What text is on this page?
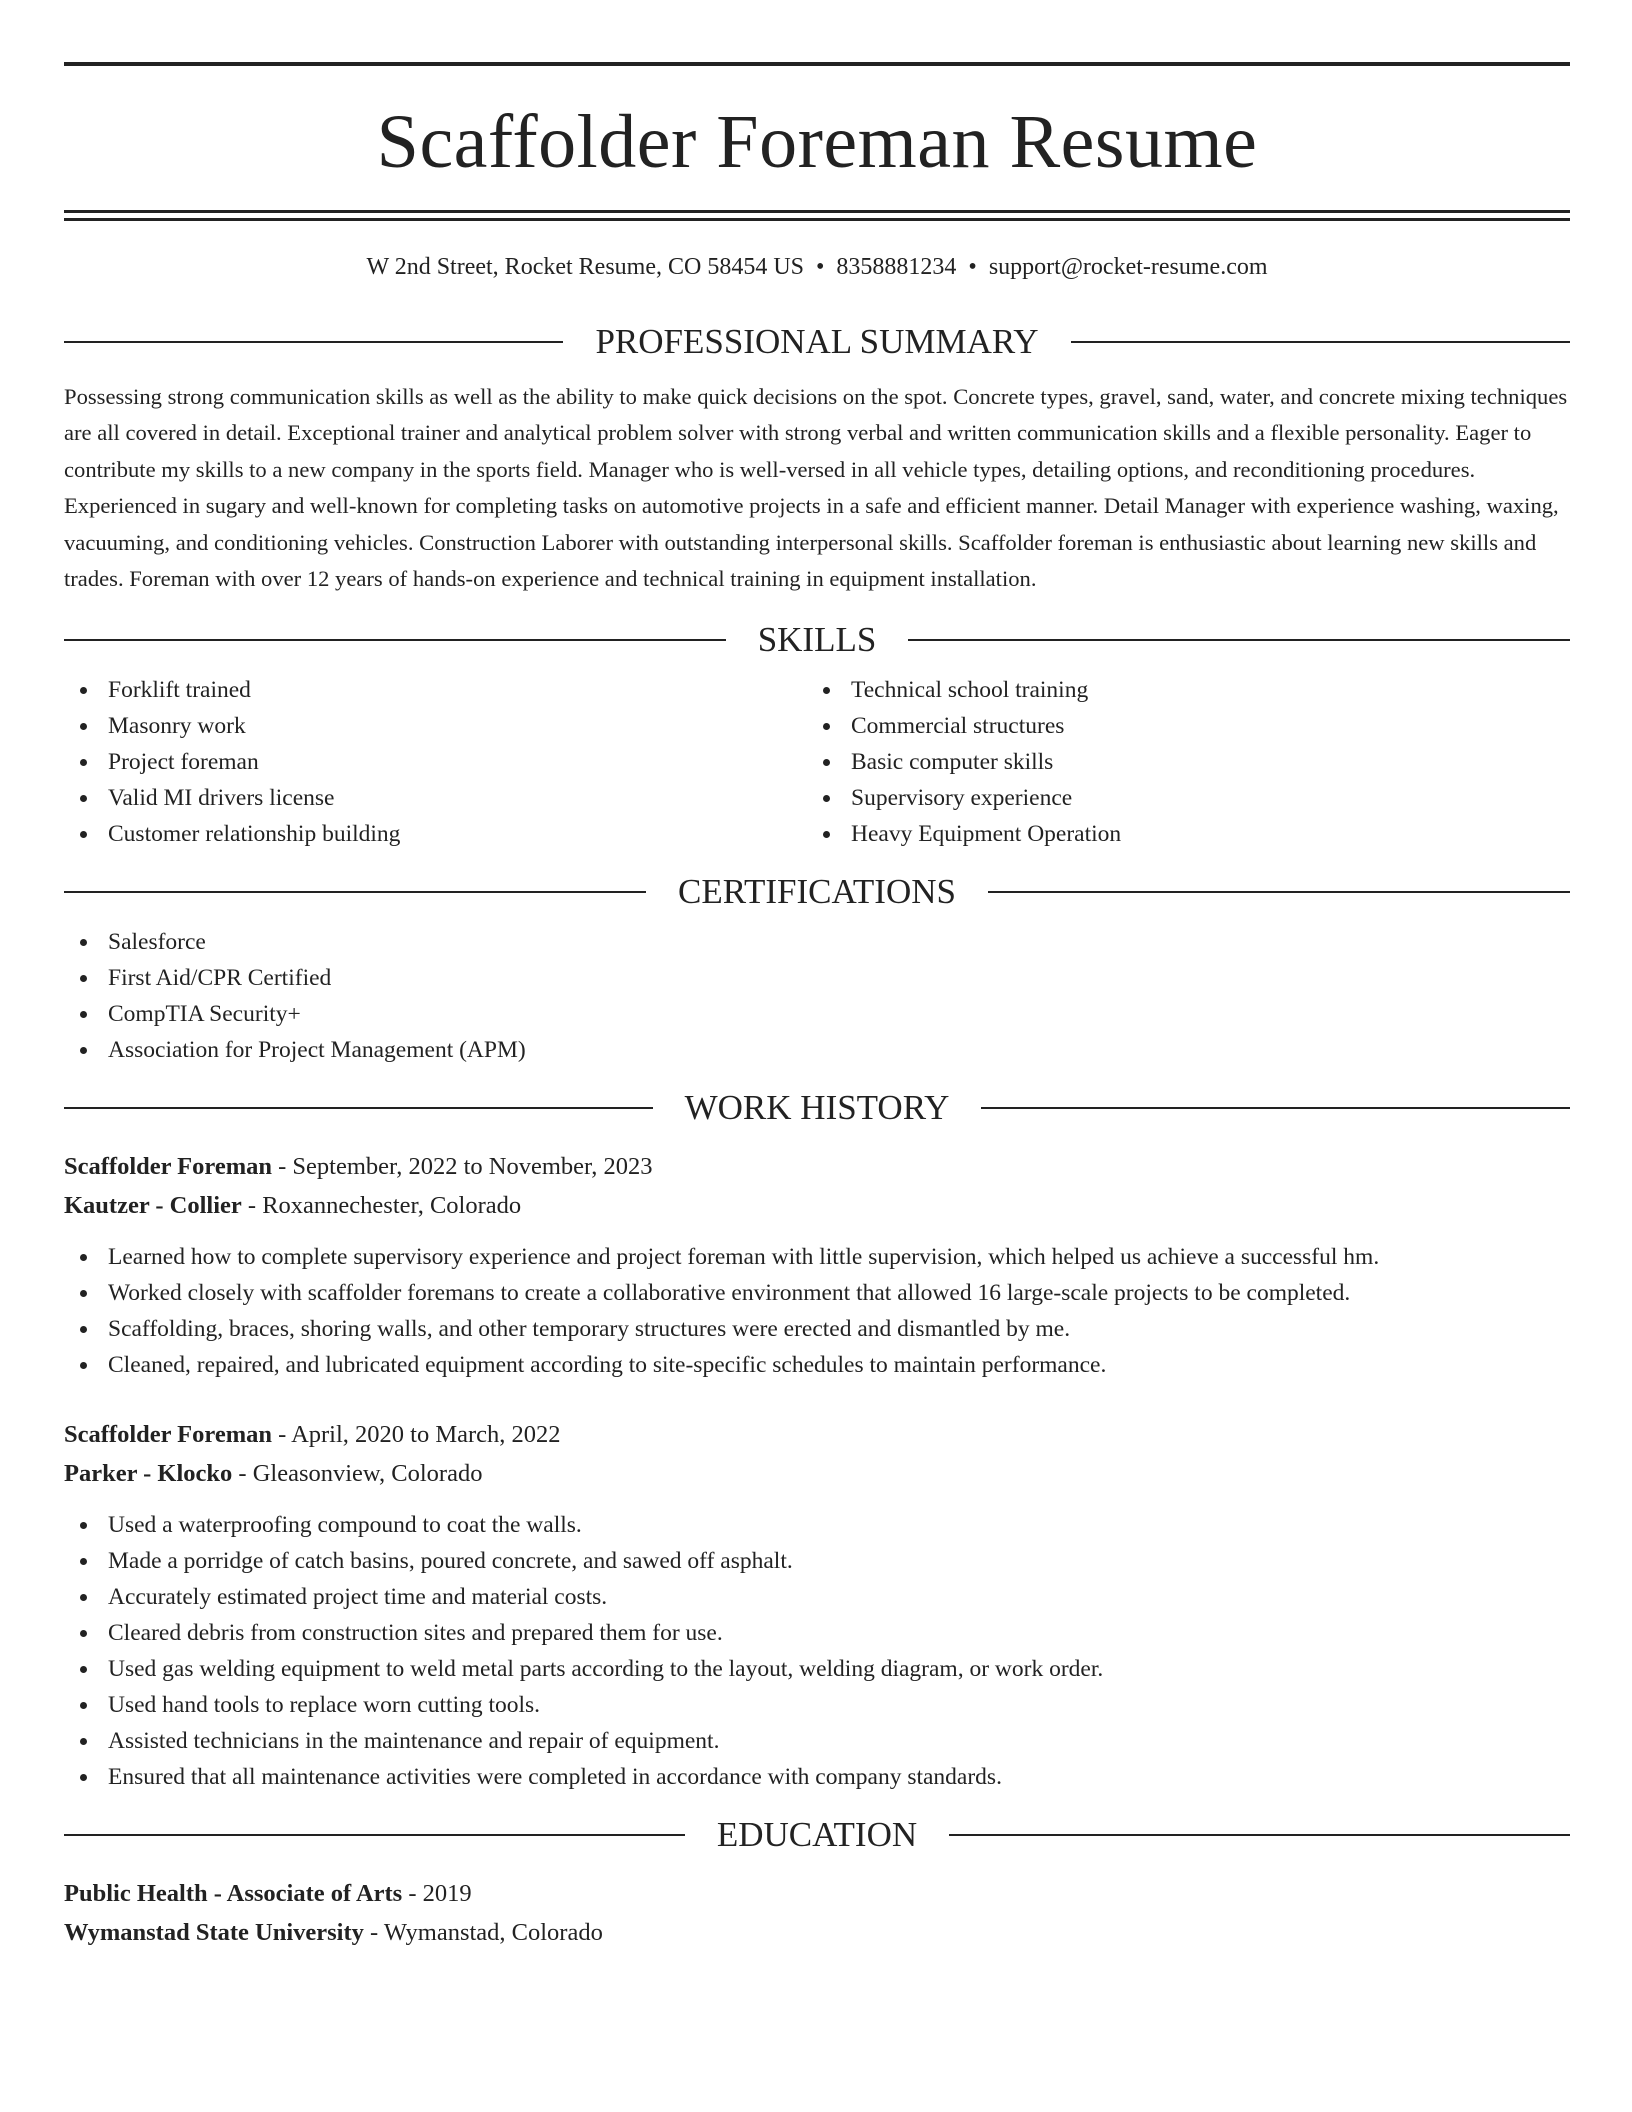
Scaffolder Foreman Resume
W 2nd Street, Rocket Resume, CO 58454 US • 8358881234 • support@rocket-resume.com
PROFESSIONAL SUMMARY
Possessing strong communication skills as well as the ability to make quick decisions on the spot. Concrete types, gravel, sand, water, and concrete mixing techniques are all covered in detail. Exceptional trainer and analytical problem solver with strong verbal and written communication skills and a flexible personality. Eager to contribute my skills to a new company in the sports field. Manager who is well-versed in all vehicle types, detailing options, and reconditioning procedures. Experienced in sugary and well-known for completing tasks on automotive projects in a safe and efficient manner. Detail Manager with experience washing, waxing, vacuuming, and conditioning vehicles. Construction Laborer with outstanding interpersonal skills. Scaffolder foreman is enthusiastic about learning new skills and trades. Foreman with over 12 years of hands-on experience and technical training in equipment installation.
SKILLS
Forklift trained
Masonry work
Project foreman
Valid MI drivers license
Customer relationship building
Technical school training
Commercial structures
Basic computer skills
Supervisory experience
Heavy Equipment Operation
CERTIFICATIONS
Salesforce
First Aid/CPR Certified
CompTIA Security+
Association for Project Management (APM)
WORK HISTORY
Scaffolder Foreman - September, 2022 to November, 2023
Kautzer - Collier - Roxannechester, Colorado
Learned how to complete supervisory experience and project foreman with little supervision, which helped us achieve a successful hm.
Worked closely with scaffolder foremans to create a collaborative environment that allowed 16 large-scale projects to be completed.
Scaffolding, braces, shoring walls, and other temporary structures were erected and dismantled by me.
Cleaned, repaired, and lubricated equipment according to site-specific schedules to maintain performance.
Scaffolder Foreman - April, 2020 to March, 2022
Parker - Klocko - Gleasonview, Colorado
Used a waterproofing compound to coat the walls.
Made a porridge of catch basins, poured concrete, and sawed off asphalt.
Accurately estimated project time and material costs.
Cleared debris from construction sites and prepared them for use.
Used gas welding equipment to weld metal parts according to the layout, welding diagram, or work order.
Used hand tools to replace worn cutting tools.
Assisted technicians in the maintenance and repair of equipment.
Ensured that all maintenance activities were completed in accordance with company standards.
EDUCATION
Public Health - Associate of Arts - 2019
Wymanstad State University - Wymanstad, Colorado
